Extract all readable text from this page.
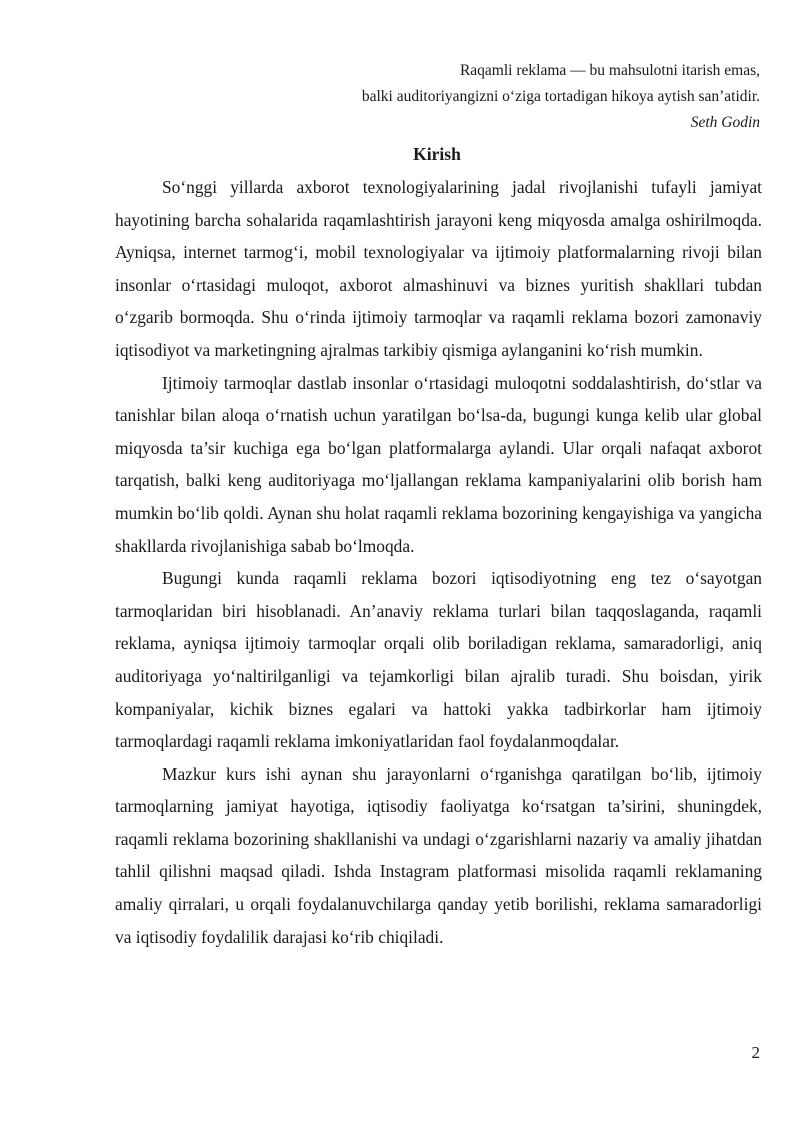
Raqamli reklama — bu mahsulotni itarish emas,
balki auditoriyangizni o‘ziga tortadigan hikoya aytish san’atidir.
Seth Godin
Kirish

So‘nggi yillarda axborot texnologiyalarining jadal rivojlanishi tufayli jamiyat hayotining barcha sohalarida raqamlashtirish jarayoni keng miqyosda amalga oshirilmoqda. Ayniqsa, internet tarmog‘i, mobil texnologiyalar va ijtimoiy platformalarning rivoji bilan insonlar o‘rtasidagi muloqot, axborot almashinuvi va biznes yuritish shakllari tubdan o‘zgarib bormoqda. Shu o‘rinda ijtimoiy tarmoqlar va raqamli reklama bozori zamonaviy iqtisodiyot va marketingning ajralmas tarkibiy qismiga aylanganini ko‘rish mumkin.

Ijtimoiy tarmoqlar dastlab insonlar o‘rtasidagi muloqotni soddalashtirish, do‘stlar va tanishlar bilan aloqa o‘rnatish uchun yaratilgan bo‘lsa-da, bugungi kunga kelib ular global miqyosda ta’sir kuchiga ega bo‘lgan platformalarga aylandi. Ular orqali nafaqat axborot tarqatish, balki keng auditoriyaga mo‘ljallangan reklama kampaniyalarini olib borish ham mumkin bo‘lib qoldi. Aynan shu holat raqamli reklama bozorining kengayishiga va yangicha shakllarda rivojlanishiga sabab bo‘lmoqda.

Bugungi kunda raqamli reklama bozori iqtisodiyotning eng tez o‘sayotgan tarmoqlaridan biri hisoblanadi. An’anaviy reklama turlari bilan taqqoslaganda, raqamli reklama, ayniqsa ijtimoiy tarmoqlar orqali olib boriladigan reklama, samaradorligi, aniq auditoriyaga yo‘naltirilganligi va tejamkorligi bilan ajralib turadi. Shu boisdan, yirik kompaniyalar, kichik biznes egalari va hattoki yakka tadbirkorlar ham ijtimoiy tarmoqlardagi raqamli reklama imkoniyatlaridan faol foydalanmoqdalar.

Mazkur kurs ishi aynan shu jarayonlarni o‘rganishga qaratilgan bo‘lib, ijtimoiy tarmoqlarning jamiyat hayotiga, iqtisodiy faoliyatga ko‘rsatgan ta’sirini, shuningdek, raqamli reklama bozorining shakllanishi va undagi o‘zgarishlarni nazariy va amaliy jihatdan tahlil qilishni maqsad qiladi. Ishda Instagram platformasi misolida raqamli reklamaning amaliy qirralari, u orqali foydalanuvchilarga qanday yetib borilishi, reklama samaradorligi va iqtisodiy foydalilik darajasi ko‘rib chiqiladi.

2
